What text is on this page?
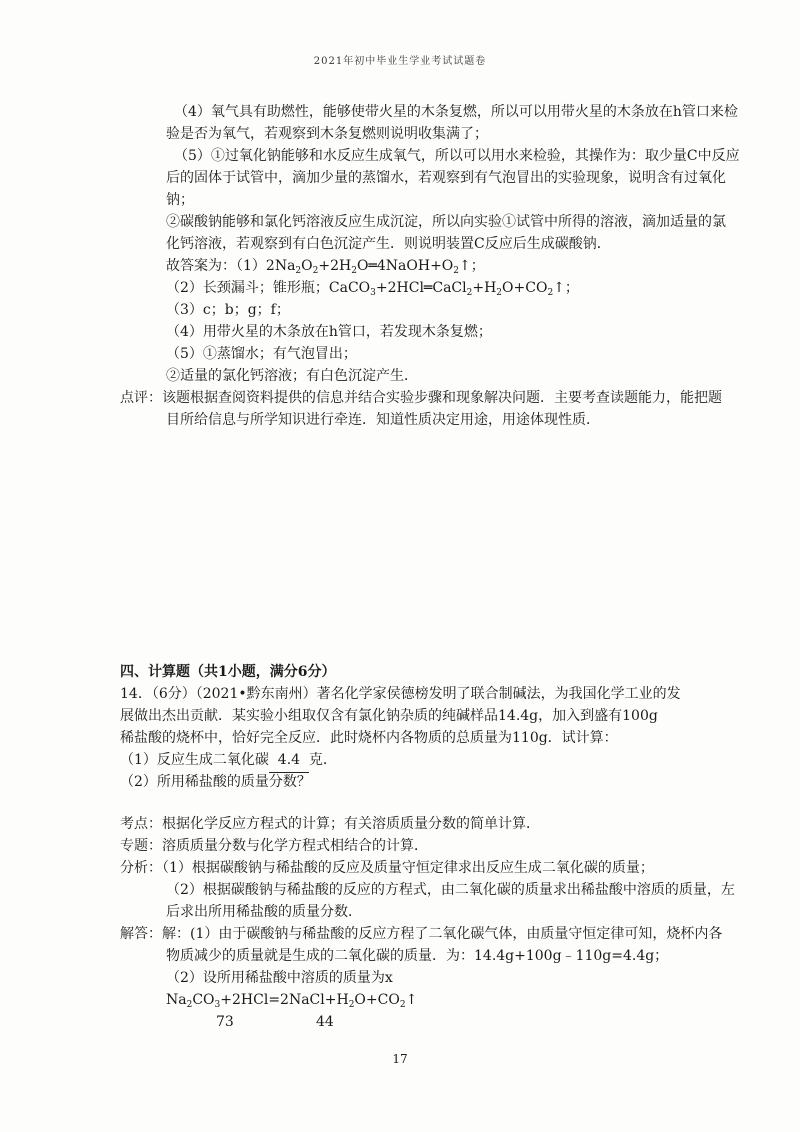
2021年初中毕业生学业考试试题卷
（4）氧气具有助燃性，能够使带火星的木条复燃，所以可以用带火星的木条放在h管口来检
验是否为氧气，若观察到木条复燃则说明收集满了；
（5）①过氧化钠能够和水反应生成氧气，所以可以用水来检验，其操作为：取少量C中反应
后的固体于试管中，滴加少量的蒸馏水，若观察到有气泡冒出的实验现象，说明含有过氧化
钠；
②碳酸钠能够和氯化钙溶液反应生成沉淀，所以向实验①试管中所得的溶液，滴加适量的氯
化钙溶液，若观察到有白色沉淀产生．则说明装置C反应后生成碳酸钠．
故答案为：$(1)2Na_2O_2+2H_2O═4NaOH+O_2↑$；
（2）长颈漏斗；锥形瓶；$CaCO_3+2HCl═CaCl_2+H_2O+CO_2↑$；
（3）c；b；g；f；
（4）用带火星的木条放在h管口，若发现木条复燃；
（5）①蒸馏水；有气泡冒出；
②适量的氯化钙溶液；有白色沉淀产生．
点评：该题根据查阅资料提供的信息并结合实验步骤和现象解决问题．主要考查读题能力，能把题
目所给信息与所学知识进行牵连．知道性质决定用途，用途体现性质．
四、计算题（共1小题，满分6分）
14．（6分）（2021•黔东南州）著名化学家侯德榜发明了联合制碱法，为我国化学工业的发
展做出杰出贡献．某实验小组取仅含有氯化钠杂质的纯碱样品14.4g，加入到盛有100g
稀盐酸的烧杯中，恰好完全反应．此时烧杯内各物质的总质量为110g．试计算：
（1）反应生成二氧化碳 4.4 克．
（2）所用稀盐酸的质量分数？
考点：根据化学反应方程式的计算；有关溶质质量分数的简单计算．
专题：溶质质量分数与化学方程式相结合的计算．
分析：（1）根据碳酸钠与稀盐酸的反应及质量守恒定律求出反应生成二氧化碳的质量；
（2）根据碳酸钠与稀盐酸的反应的方程式，由二氧化碳的质量求出稀盐酸中溶质的质量，左
后求出所用稀盐酸的质量分数．
解答：解：(1）由于碳酸钠与稀盐酸的反应方程了二氧化碳气体，由质量守恒定律可知，烧杯内各
物质减少的质量就是生成的二氧化碳的质量．为：14.4g+100g﹣110g=4.4g；
（2）设所用稀盐酸中溶质的质量为x
$Na_2CO_3+2HCl=2NaCl+H_2O+CO_2↑$
73	44
17
